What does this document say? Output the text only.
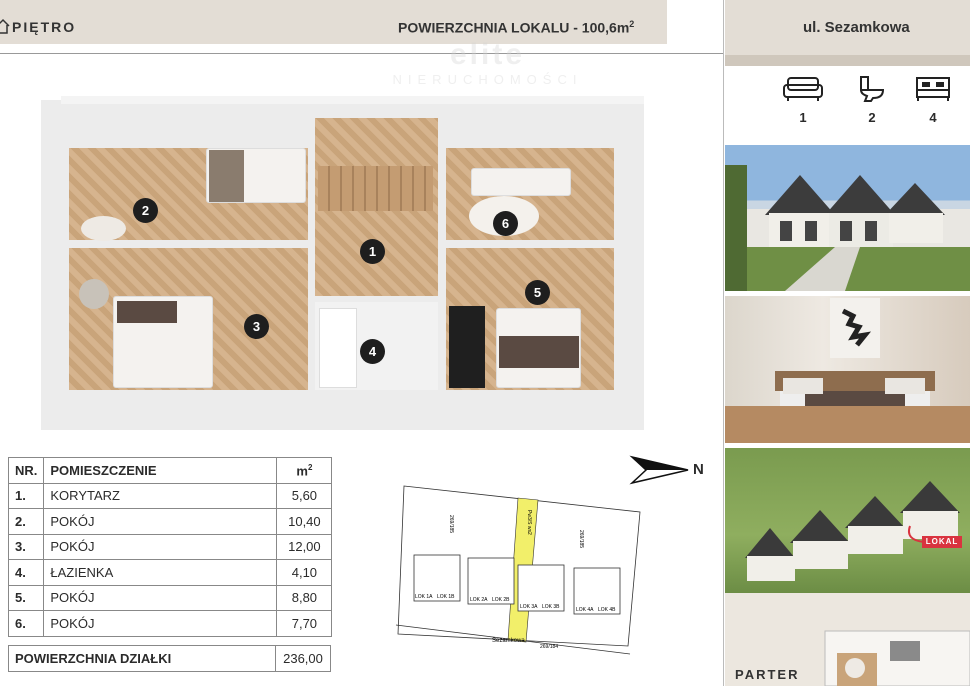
PIĘTRO	POWIERZCHNIA LOKALU - $100,6m^2$
elite
NIERUCHOMOŚCI
ul. Sezamkowa
1	2	4
LOKAL
PARTER
2
3
1
4
5
6
NR.	POMIESZCZENIE	$m^2$
1.	KORYTARZ	5,60
2.	POKÓJ	10,40
3.	POKÓJ	12,00
4.	ŁAZIENKA	4,10
5.	POKÓJ	8,80
6.	POKÓJ	7,70
POWIERZCHNIA DZIAŁKI	236,00
LOK 1A LOK 1B	LOK 2A LOK 2B
LOK 3A LOK 3B	LOK 4A LOK 4B
Sezamkowa
269/184
269/185
269/185
Pw3/S ws2
N
